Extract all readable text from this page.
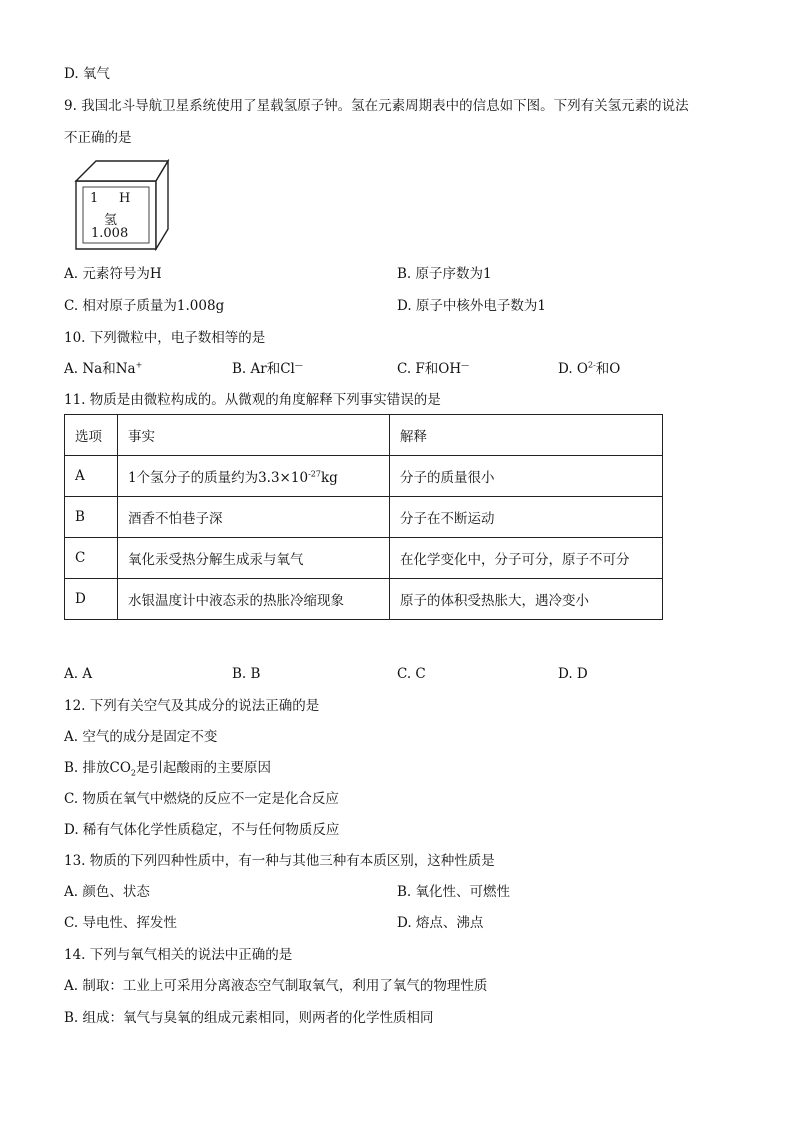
D. 氧气
9. 我国北斗导航卫星系统使用了星载氢原子钟。氢在元素周期表中的信息如下图。下列有关氢元素的说法
不正确的是
1 H
氢
1.008
A. 元素符号为H	B. 原子序数为1
C. 相对原子质量为1.008g	D. 原子中核外电子数为1
10. 下列微粒中，电子数相等的是
A. Na和Na+	B. Ar和Cl—	C. F和OH—	D. $O^{2-}$和O
11. 物质是由微粒构成的。从微观的角度解释下列事实错误的是
选项	事实	解释
A	1个氢分子的质量约为$3.3\times 10^{-27}kg$	分子的质量很小
B	酒香不怕巷子深	分子在不断运动
C	氧化汞受热分解生成汞与氧气	在化学变化中，分子可分，原子不可分
D	水银温度计中液态汞的热胀冷缩现象	原子的体积受热胀大，遇冷变小
A. A	B. B	C. C	D. D
12. 下列有关空气及其成分的说法正确的是
A. 空气的成分是固定不变
B. 排放$CO_2$是引起酸雨的主要原因
C. 物质在氧气中燃烧的反应不一定是化合反应
D. 稀有气体化学性质稳定，不与任何物质反应
13. 物质的下列四种性质中，有一种与其他三种有本质区别，这种性质是
A. 颜色、状态	B. 氧化性、可燃性
C. 导电性、挥发性	D. 熔点、沸点
14. 下列与氧气相关的说法中正确的是
A. 制取：工业上可采用分离液态空气制取氧气，利用了氧气的物理性质
B. 组成：氧气与臭氧的组成元素相同，则两者的化学性质相同
